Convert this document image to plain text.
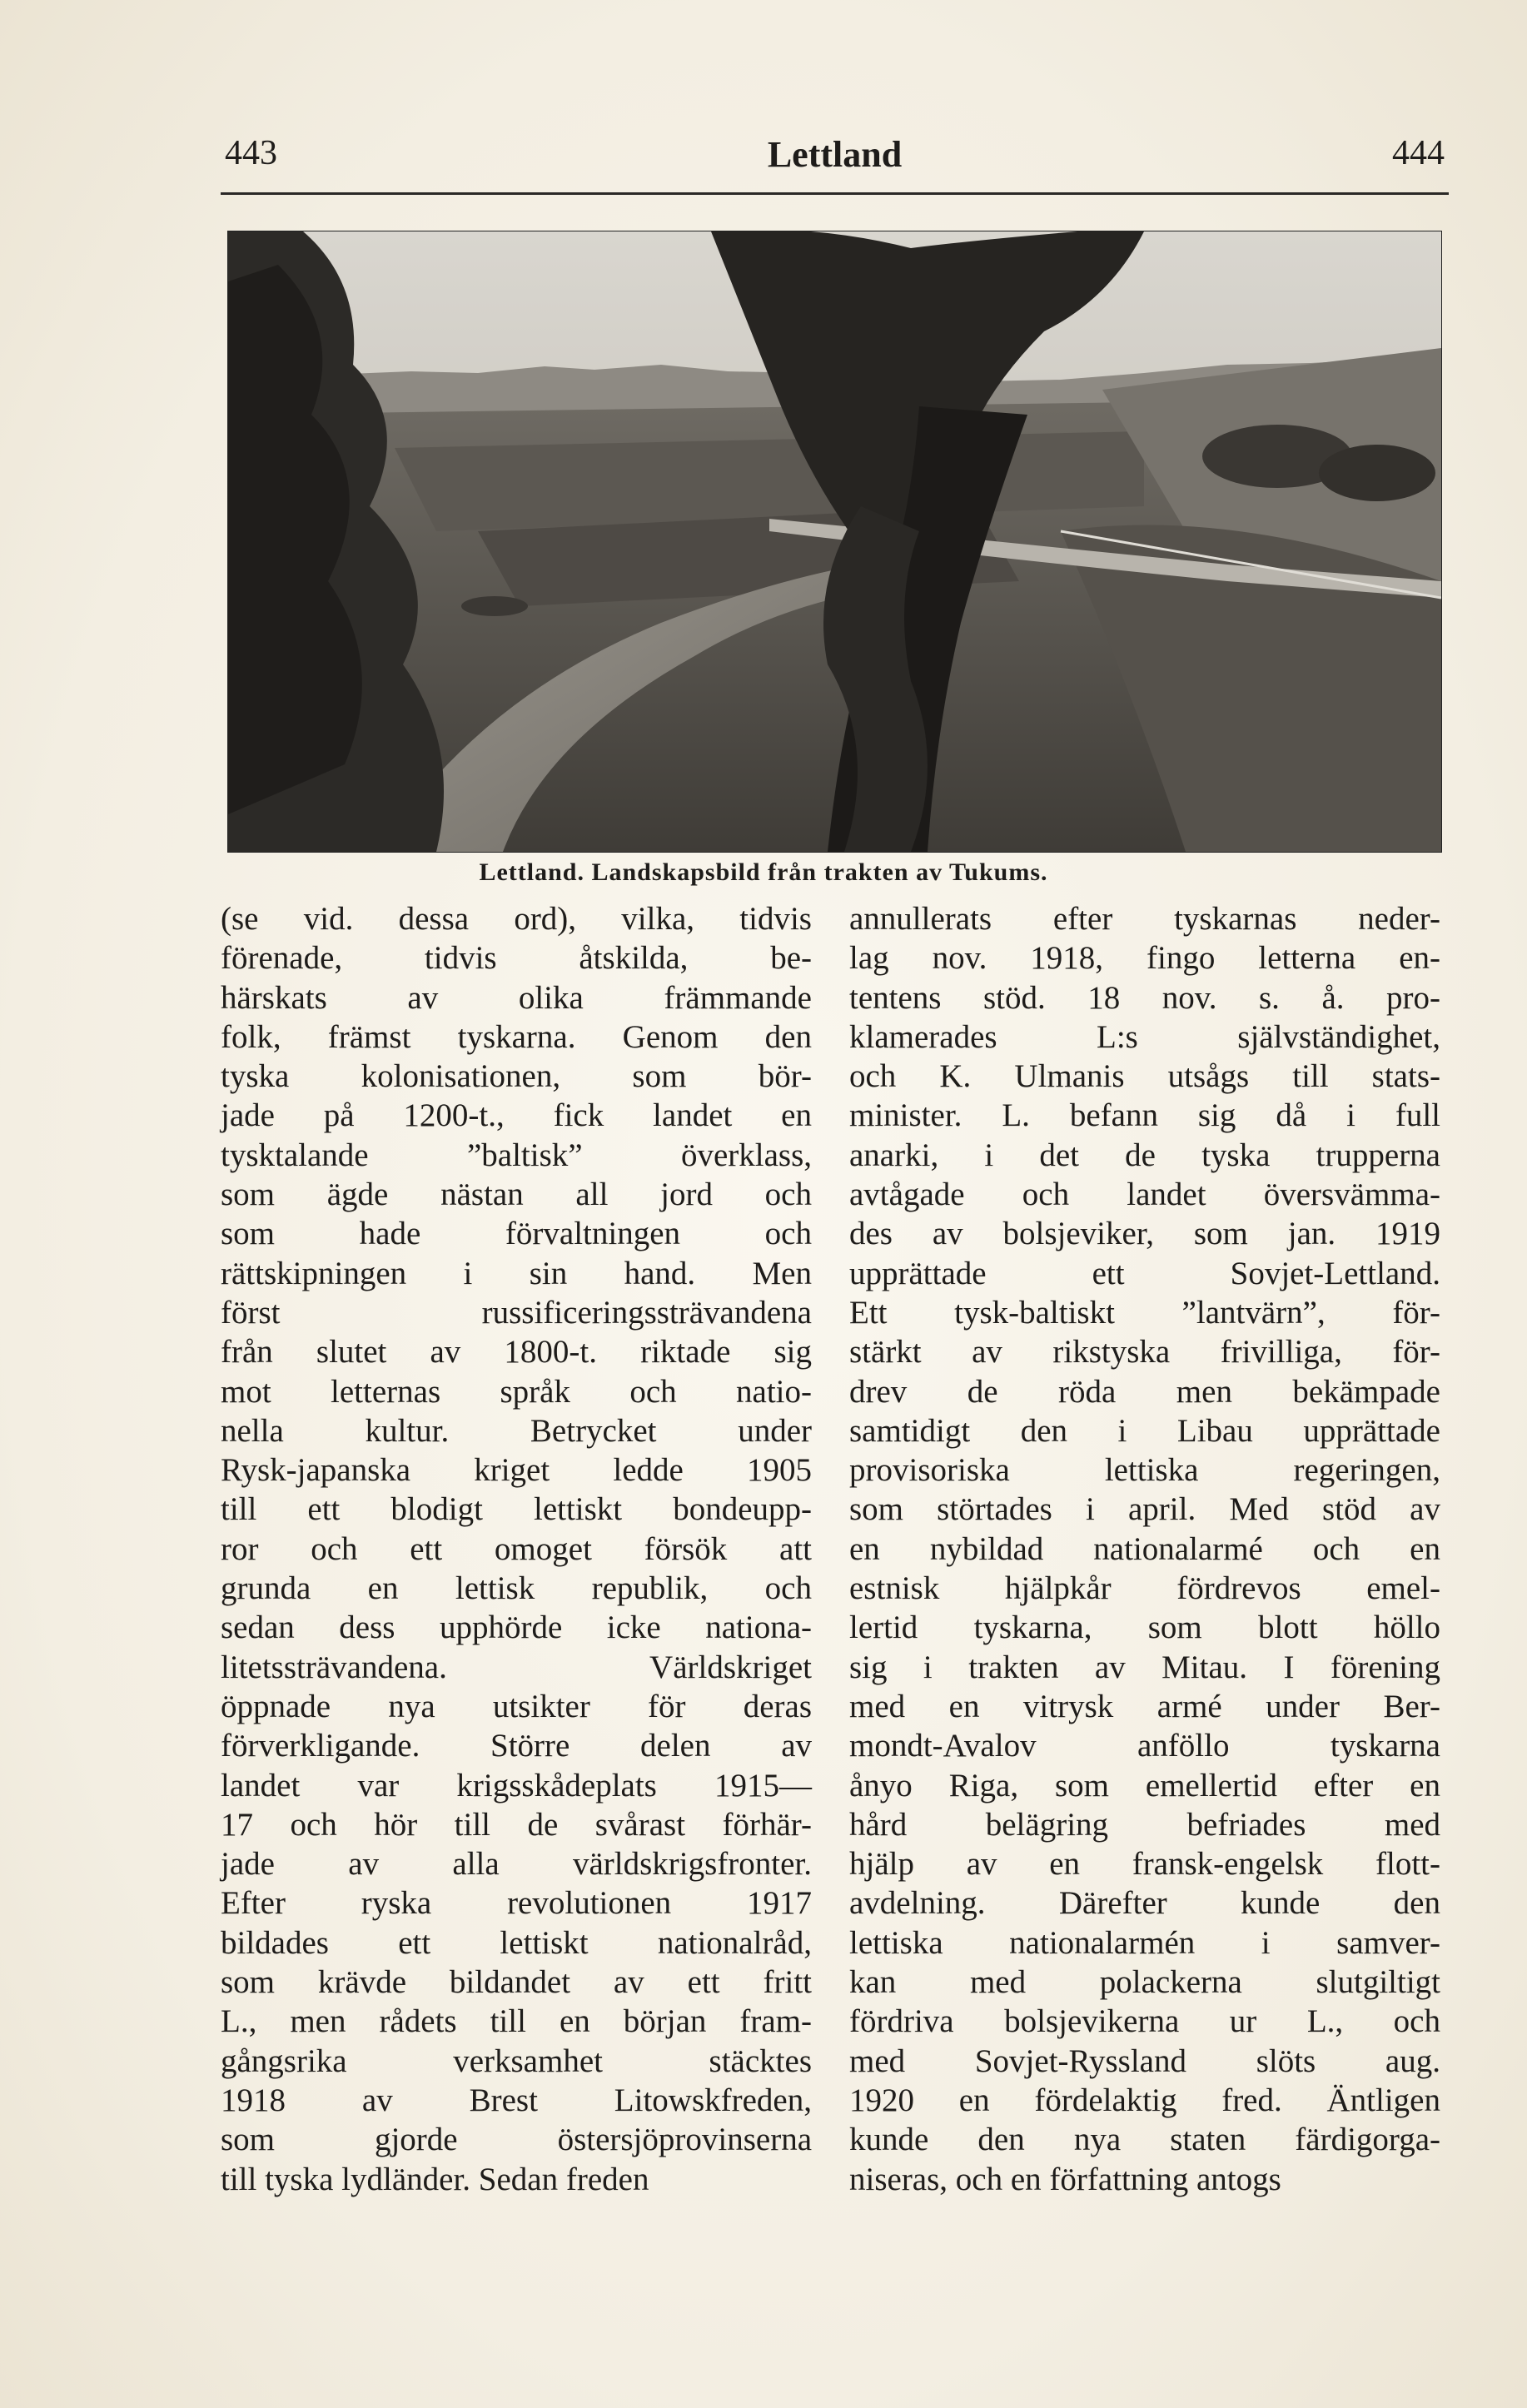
443	Lettland	444
Lettland. Landskapsbild från trakten av Tukums.
(se vid. dessa ord), vilka, tidvis
förenade, tidvis åtskilda, be-
härskats av olika främmande
folk, främst tyskarna. Genom den
tyska kolonisationen, som bör-
jade på 1200-t., fick landet en
tysktalande ”baltisk” överklass,
som ägde nästan all jord och
som hade förvaltningen och
rättskipningen i sin hand. Men
först russificeringssträvandena
från slutet av 1800-t. riktade sig
mot letternas språk och natio-
nella kultur. Betrycket under
Rysk-japanska kriget ledde 1905
till ett blodigt lettiskt bondeupp-
ror och ett omoget försök att
grunda en lettisk republik, och
sedan dess upphörde icke nationa-
litetssträvandena. Världskriget
öppnade nya utsikter för deras
förverkligande. Större delen av
landet var krigsskådeplats 1915—
17 och hör till de svårast förhär-
jade av alla världskrigsfronter.
Efter ryska revolutionen 1917
bildades ett lettiskt nationalråd,
som krävde bildandet av ett fritt
L., men rådets till en början fram-
gångsrika verksamhet stäcktes
1918 av Brest Litowskfreden,
som gjorde östersjöprovinserna
till tyska lydländer. Sedan freden
annullerats efter tyskarnas neder-
lag nov. 1918, fingo letterna en-
tentens stöd. 18 nov. s. å. pro-
klamerades L:s självständighet,
och K. Ulmanis utsågs till stats-
minister. L. befann sig då i full
anarki, i det de tyska trupperna
avtågade och landet översvämma-
des av bolsjeviker, som jan. 1919
upprättade ett Sovjet-Lettland.
Ett tysk-baltiskt ”lantvärn”, för-
stärkt av rikstyska frivilliga, för-
drev de röda men bekämpade
samtidigt den i Libau upprättade
provisoriska lettiska regeringen,
som störtades i april. Med stöd av
en nybildad nationalarmé och en
estnisk hjälpkår fördrevos emel-
lertid tyskarna, som blott höllo
sig i trakten av Mitau. I förening
med en vitrysk armé under Ber-
mondt-Avalov anföllo tyskarna
ånyo Riga, som emellertid efter en
hård belägring befriades med
hjälp av en fransk-engelsk flott-
avdelning. Därefter kunde den
lettiska nationalarmén i samver-
kan med polackerna slutgiltigt
fördriva bolsjevikerna ur L., och
med Sovjet-Ryssland slöts aug.
1920 en fördelaktig fred. Äntligen
kunde den nya staten färdigorga-
niseras, och en författning antogs
